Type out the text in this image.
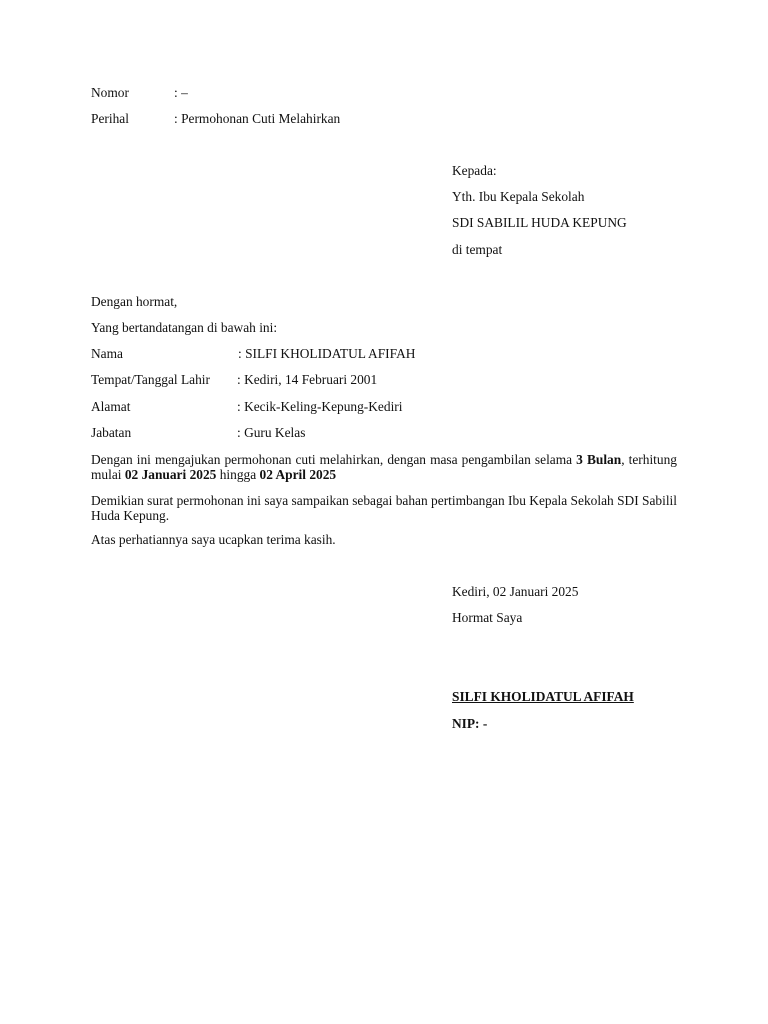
Nomor	: –
Perihal	: Permohonan Cuti Melahirkan
Kepada:
Yth. Ibu Kepala Sekolah
SDI SABILIL HUDA KEPUNG
di tempat
Dengan hormat,
Yang bertandatangan di bawah ini:
Nama	: SILFI KHOLIDATUL AFIFAH
Tempat/Tanggal Lahir : Kediri, 14 Februari 2001
Alamat	: Kecik-Keling-Kepung-Kediri
Jabatan	: Guru Kelas
Dengan ini mengajukan permohonan cuti melahirkan, dengan masa pengambilan selama 3 Bulan, terhitung mulai 02 Januari 2025 hingga 02 April 2025
Demikian surat permohonan ini saya sampaikan sebagai bahan pertimbangan Ibu Kepala Sekolah SDI Sabilil Huda Kepung.
Atas perhatiannya saya ucapkan terima kasih.
Kediri, 02 Januari 2025
Hormat Saya
SILFI KHOLIDATUL AFIFAH
NIP: -
